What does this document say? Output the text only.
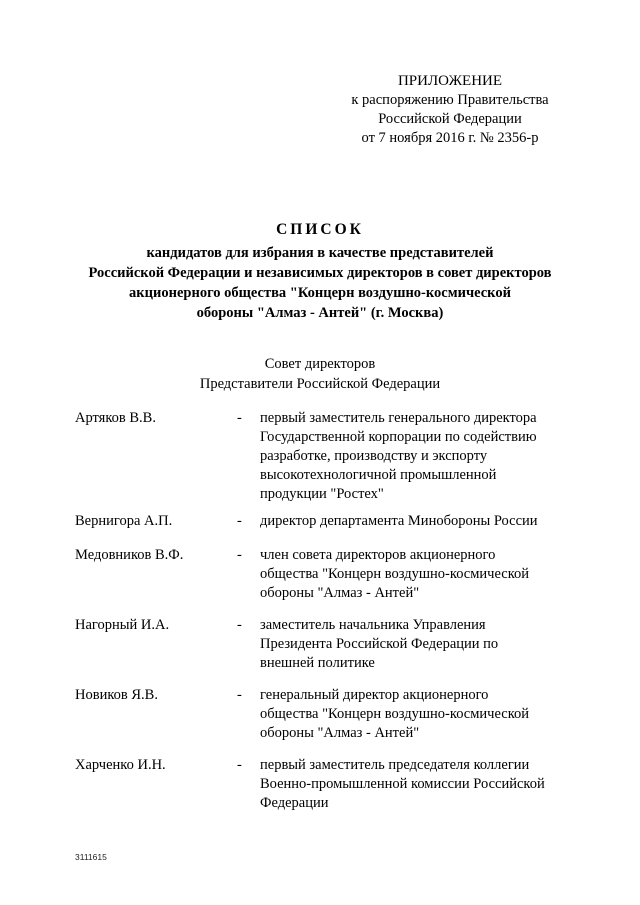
ПРИЛОЖЕНИЕ
к распоряжению Правительства
Российской Федерации
от 7 ноября 2016 г. № 2356-р
СПИСОК
кандидатов для избрания в качестве представителей
Российской Федерации и независимых директоров в совет директоров
акционерного общества "Концерн воздушно-космической
обороны "Алмаз - Антей" (г. Москва)
Совет директоров
Представители Российской Федерации
Артяков В.В.	-	первый заместитель генерального директора
Государственной корпорации по содействию
разработке, производству и экспорту
высокотехнологичной промышленной
продукции "Ростех"
Вернигора А.П.	-	директор департамента Минобороны России
Медовников В.Ф.	-	член совета директоров акционерного
общества "Концерн воздушно-космической
обороны "Алмаз - Антей"
Нагорный И.А.	-	заместитель начальника Управления
Президента Российской Федерации по
внешней политике
Новиков Я.В.	-	генеральный директор акционерного
общества "Концерн воздушно-космической
обороны "Алмаз - Антей"
Харченко И.Н.	-	первый заместитель председателя коллегии
Военно-промышленной комиссии Российской
Федерации
3111615
